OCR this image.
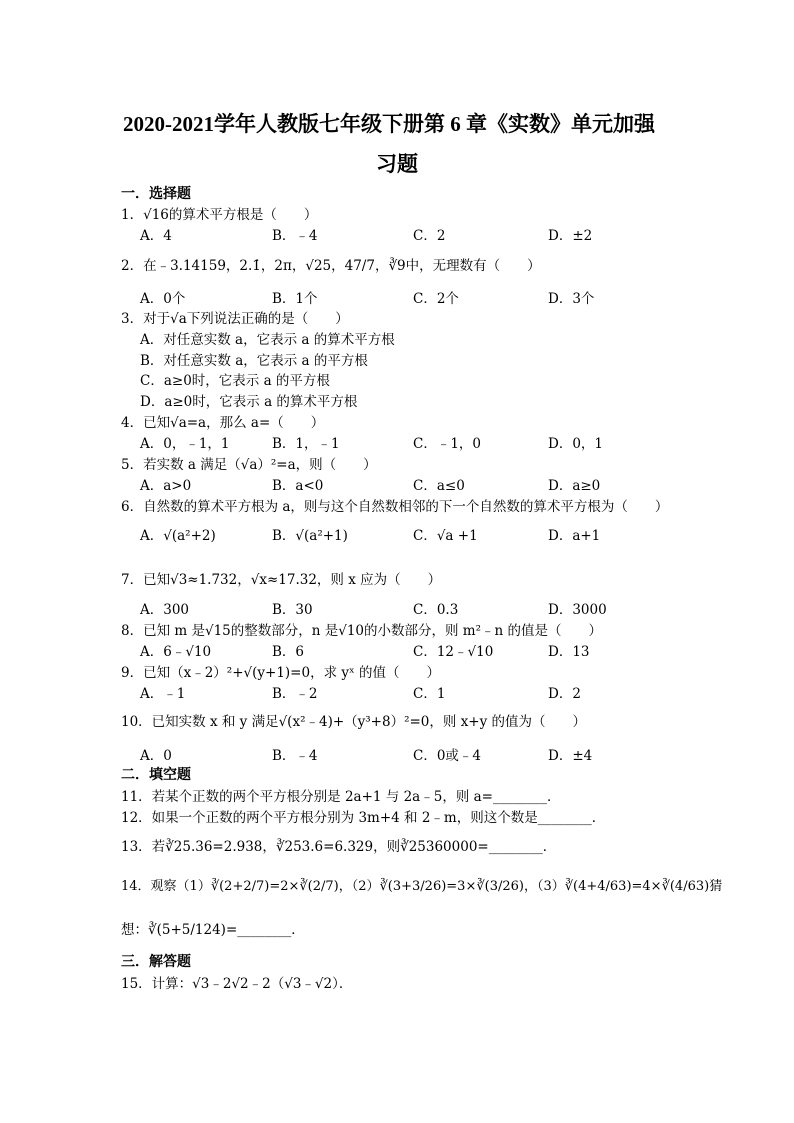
2020-2021学年人教版七年级下册第 6 章《实数》单元加强
习题
一．选择题
1．√16的算术平方根是（　　）
A．4	B．﹣4	C．2	D．±2
2．在﹣3.14159，2.1̇，2π，√25，47/7，∛9中，无理数有（　　）
A．0个	B．1个	C．2个	D．3个
3．对于√a下列说法正确的是（　　）
A．对任意实数 a，它表示 a 的算术平方根
B．对任意实数 a，它表示 a 的平方根
C．a≥0时，它表示 a 的平方根
D．a≥0时，它表示 a 的算术平方根
4．已知√a=a，那么 a=（　　）
A．0，﹣1，1	B．1，﹣1	C．﹣1，0	D．0，1
5．若实数 a 满足（√a）²=a，则（　　）
A．a>0	B．a<0	C．a≤0	D．a≥0
6．自然数的算术平方根为 a，则与这个自然数相邻的下一个自然数的算术平方根为（　　）
A．√(a²+2)	B．√(a²+1)	C．√a +1	D．a+1
7．已知√3≈1.732，√x≈17.32，则 x 应为（　　）
A．300	B．30	C．0.3	D．3000
8．已知 m 是√15的整数部分，n 是√10的小数部分，则 m²﹣n 的值是（　　）
A．6﹣√10	B．6	C．12﹣√10	D．13
9．已知（x﹣2）²+√(y+1)=0，求 yˣ 的值（　　）
A．﹣1	B．﹣2	C．1	D．2
10．已知实数 x 和 y 满足√(x²﹣4)+（y³+8）²=0，则 x+y 的值为（　　）
A．0	B．﹣4	C．0或﹣4	D．±4
二．填空题
11．若某个正数的两个平方根分别是 2a+1 与 2a﹣5，则 a=________．
12．如果一个正数的两个平方根分别为 3m+4 和 2﹣m，则这个数是________．
13．若∛25.36=2.938，∛253.6=6.329，则∛25360000=________．
14．观察（1）∛(2+2/7)=2×∛(2/7)，（2）∛(3+3/26)=3×∛(3/26)，（3）∛(4+4/63)=4×∛(4/63)猜
想：∛(5+5/124)=________．
三．解答题
15．计算：√3﹣2√2﹣2（√3﹣√2）．
